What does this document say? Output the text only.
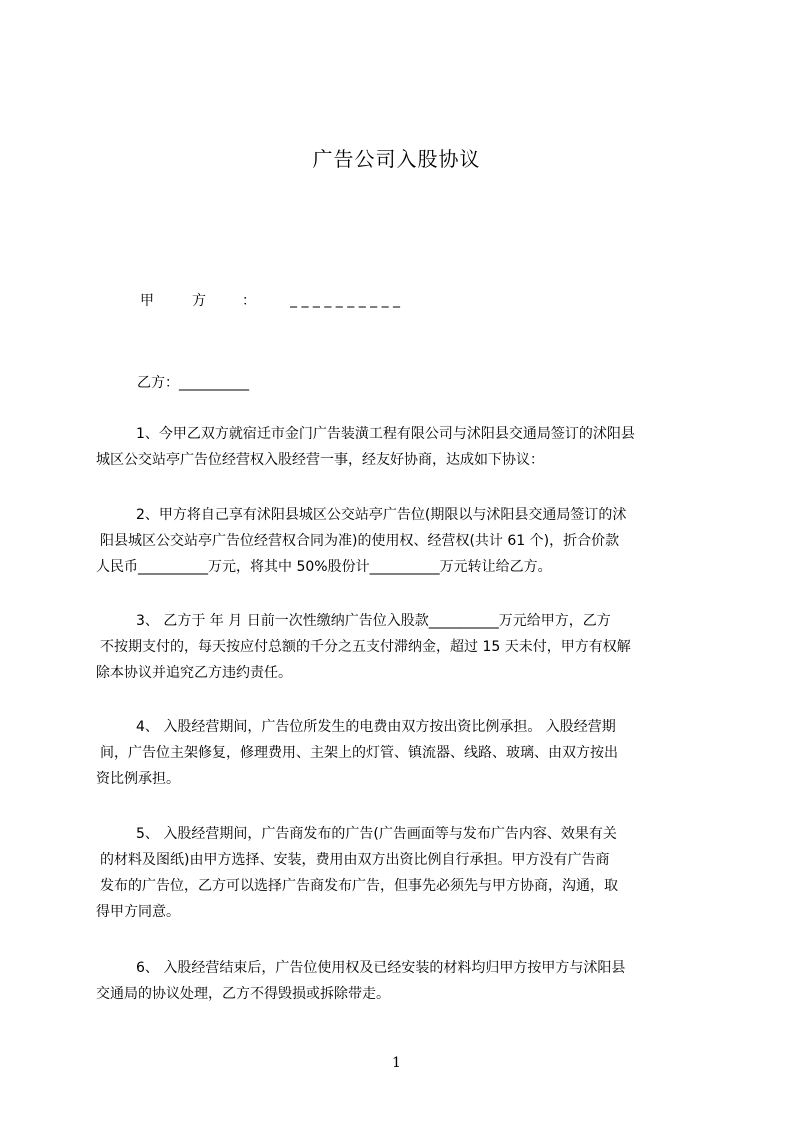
广告公司入股协议
甲	方	： _ _ _ _ _ _ _ _ _ _
乙方：__________
1、今甲乙双方就宿迁市金门广告装潢工程有限公司与沭阳县交通局签订的沭阳县
城区公交站亭广告位经营权入股经营一事，经友好协商，达成如下协议：
2、甲方将自己享有沭阳县城区公交站亭广告位(期限以与沭阳县交通局签订的沭
阳县城区公交站亭广告位经营权合同为准)的使用权、经营权(共计 61 个)，折合价款
人民币__________万元，将其中 50%股份计__________万元转让给乙方。
3、 乙方于 年 月 日前一次性缴纳广告位入股款__________万元给甲方，乙方
不按期支付的，每天按应付总额的千分之五支付滞纳金，超过 15 天未付，甲方有权解
除本协议并追究乙方违约责任。
4、 入股经营期间，广告位所发生的电费由双方按出资比例承担。 入股经营期
间，广告位主架修复，修理费用、主架上的灯管、镇流器、线路、玻璃、由双方按出
资比例承担。
5、 入股经营期间，广告商发布的广告(广告画面等与发布广告内容、效果有关
的材料及图纸)由甲方选择、安装，费用由双方出资比例自行承担。甲方没有广告商
发布的广告位，乙方可以选择广告商发布广告，但事先必须先与甲方协商，沟通，取
得甲方同意。
6、 入股经营结束后，广告位使用权及已经安装的材料均归甲方按甲方与沭阳县
交通局的协议处理，乙方不得毁损或拆除带走。
1
